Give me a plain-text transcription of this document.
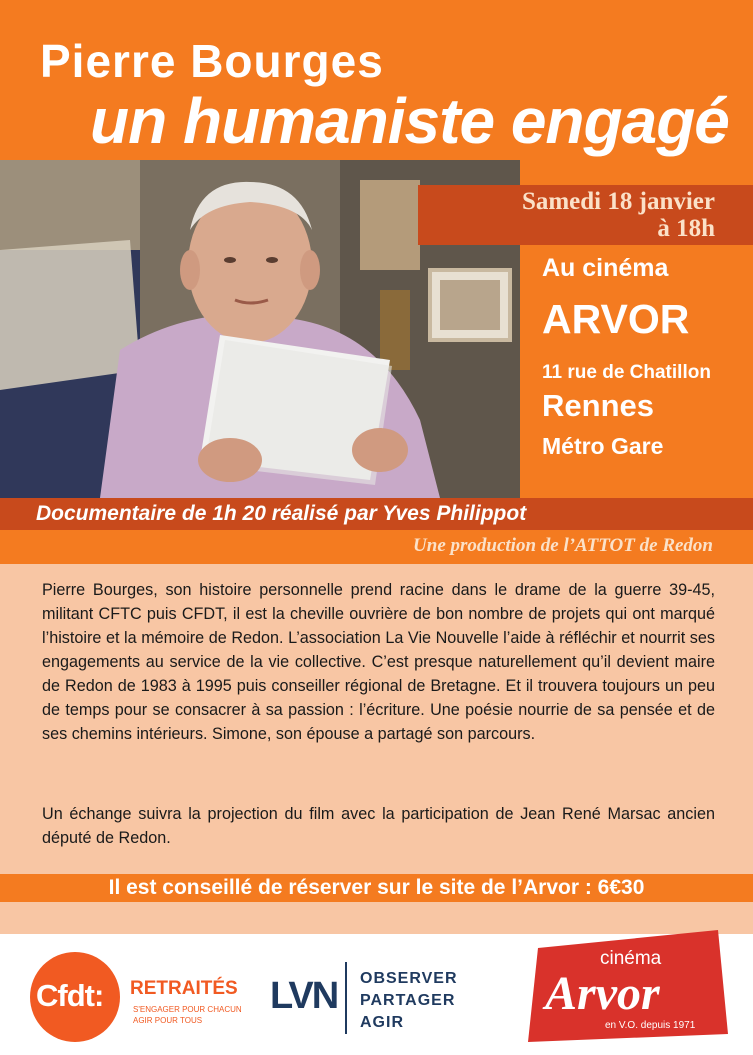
Pierre Bourges
un humaniste engagé
Samedi 18 janvier
à 18h
Au cinéma
ARVOR
11 rue de Chatillon
Rennes
Métro Gare
Documentaire de 1h 20 réalisé par Yves Philippot
Une production de l’ATTOT de Redon
Pierre Bourges, son histoire personnelle prend racine dans le drame de la guerre 39-45, militant CFTC puis CFDT, il est la cheville ouvrière de bon nombre de projets qui ont marqué l’histoire et la mémoire de Redon. L’association La Vie Nouvelle l’aide à réfléchir et nourrit ses engagements au service de la vie collective. C’est presque naturellement qu’il devient maire de Redon de 1983 à 1995 puis conseiller régional de Bretagne. Et il trouvera toujours un peu de temps pour se consacrer à sa passion : l’écriture. Une poésie nourrie de sa pensée et de ses chemins intérieurs. Simone, son épouse a partagé son parcours.
Un échange suivra la projection du film avec la participation de Jean René Marsac ancien député de Redon.
Il est conseillé de réserver sur le site de l’Arvor : 6€30
Cfdt: RETRAITÉS
S'ENGAGER POUR CHACUN
AGIR POUR TOUS
LVN OBSERVER
PARTAGER
AGIR
cinéma
Arvor
en V.O. depuis 1971
